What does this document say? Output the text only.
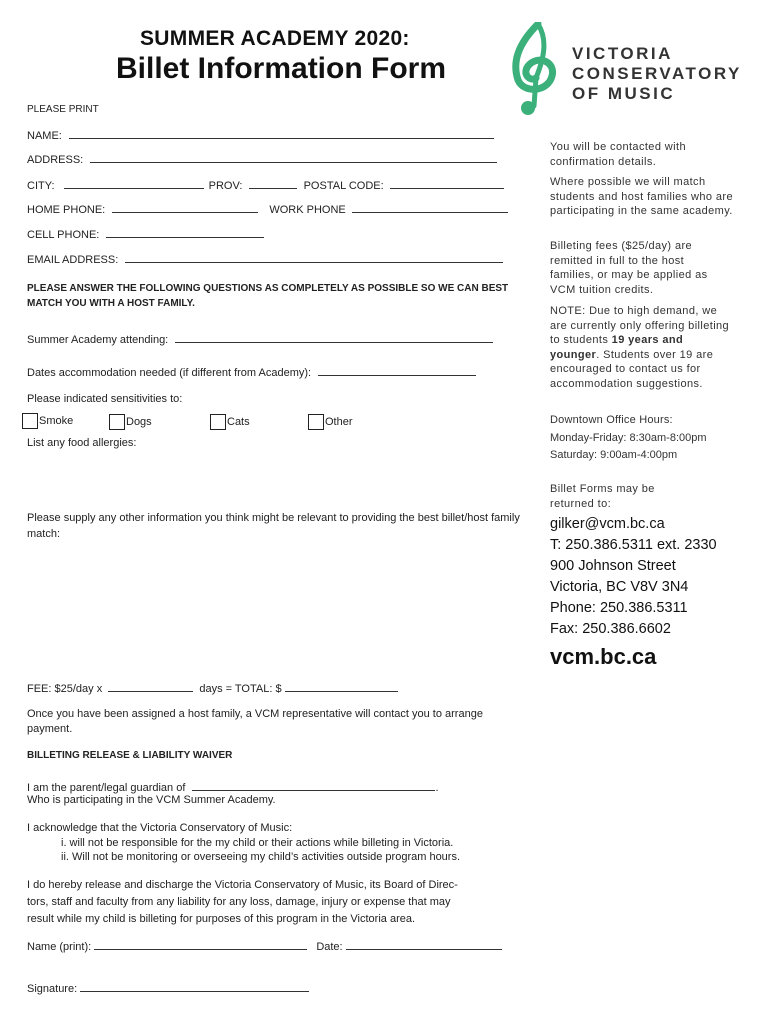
SUMMER ACADEMY 2020:
Billet Information Form	VICTORIA
CONSERVATORY
OF MUSIC
PLEASE PRINT
NAME:
ADDRESS:
CITY:	PROV:	POSTAL CODE:
HOME PHONE:	WORK PHONE
CELL PHONE:
EMAIL ADDRESS:
PLEASE ANSWER THE FOLLOWING QUESTIONS AS COMPLETELY AS POSSIBLE SO WE CAN BEST MATCH YOU WITH A HOST FAMILY.
Summer Academy attending:
Dates accommodation needed (if different from Academy):
Please indicated sensitivities to:
Smoke	Dogs	Cats	Other
List any food allergies:
Please supply any other information you think might be relevant to providing the best billet/host family match:
FEE: $25/day x	days = TOTAL: $
Once you have been assigned a host family, a VCM representative will contact you to arrange payment.
BILLETING RELEASE & LIABILITY WAIVER
I am the parent/legal guardian of	.
Who is participating in the VCM Summer Academy.
I acknowledge that the Victoria Conservatory of Music:
i. will not be responsible for the my child or their actions while billeting in Victoria.
ii. Will not be monitoring or overseeing my child’s activities outside program hours.
I do hereby release and discharge the Victoria Conservatory of Music, its Board of Direc-
tors, staff and faculty from any liability for any loss, damage, injury or expense that may
result while my child is billeting for purposes of this program in the Victoria area.
Name (print):	Date:
Signature:
You will be contacted with confirmation details.
Where possible we will match students and host families who are participating in the same academy.
Billeting fees ($25/day) are remitted in full to the host families, or may be applied as VCM tuition credits.
NOTE: Due to high demand, we are currently only offering billeting to students 19 years and younger. Students over 19 are encouraged to contact us for accommodation suggestions.
Downtown Office Hours:
Monday-Friday: 8:30am-8:00pm
Saturday: 9:00am-4:00pm
Billet Forms may be returned to:
gilker@vcm.bc.ca
T: 250.386.5311 ext. 2330
900 Johnson Street
Victoria, BC V8V 3N4
Phone: 250.386.5311
Fax: 250.386.6602
vcm.bc.ca
